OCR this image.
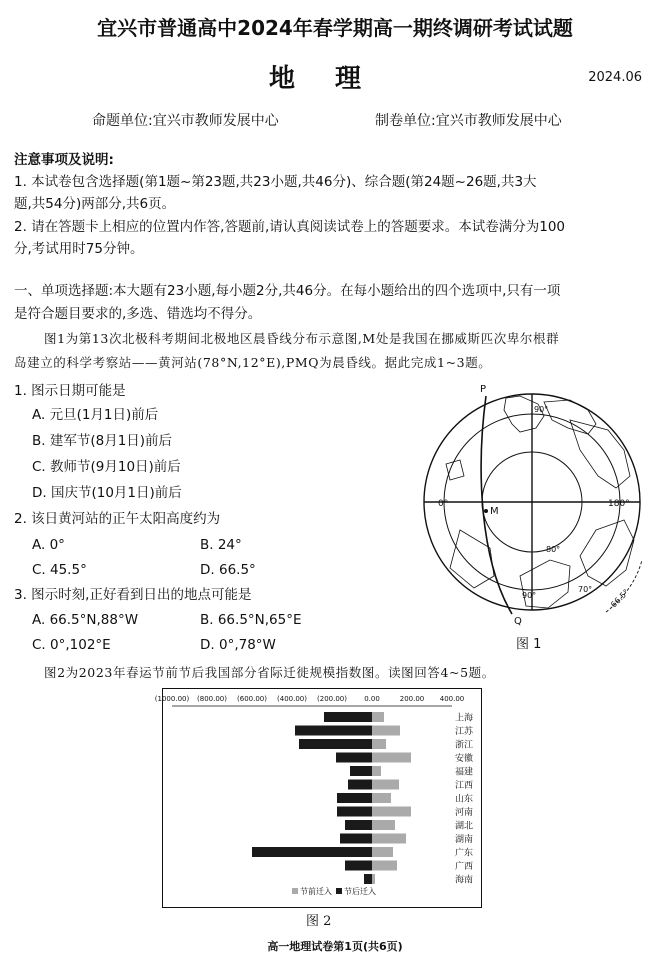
宜兴市普通高中2024年春学期高一期终调研考试试题
地理	2024.06
命题单位:宜兴市教师发展中心	制卷单位:宜兴市教师发展中心
注意事项及说明:
1. 本试卷包含选择题(第1题~第23题,共23小题,共46分)、综合题(第24题~26题,共3大
题,共54分)两部分,共6页。
2. 请在答题卡上相应的位置内作答,答题前,请认真阅读试卷上的答题要求。本试卷满分为100
分,考试用时75分钟。
一、单项选择题:本大题有23小题,每小题2分,共46分。在每小题给出的四个选项中,只有一项
是符合题目要求的,多选、错选均不得分。
图1为第13次北极科考期间北极地区晨昏线分布示意图,M处是我国在挪威斯匹次卑尔根群
岛建立的科学考察站——黄河站(78°N,12°E),PMQ为晨昏线。据此完成1~3题。
1. 图示日期可能是
A. 元旦(1月1日)前后
B. 建军节(8月1日)前后
C. 教师节(9月10日)前后
D. 国庆节(10月1日)前后
2. 该日黄河站的正午太阳高度约为
A. 0°	B. 24°
C. 45.5°	D. 66.5°
3. 图示时刻,正好看到日出的地点可能是
A. 66.5°N,88°W	B. 66.5°N,65°E
C. 0°,102°E	D. 0°,78°W
P
M
Q
0°	180°
90°
90°
80°
70° 66.5°
图 1
图2为2023年春运节前节后我国部分省际迁徙规模指数图。读图回答4~5题。
(1000.00) (800.00) (600.00) (400.00) (200.00) 0.00	200.00 400.00
上海
江苏
浙江
安徽
福建
江西
山东
河南
湖北
湖南
广东
广西
海南
节前迁入 节后迁入
图 2
高一地理试卷第1页(共6页)
